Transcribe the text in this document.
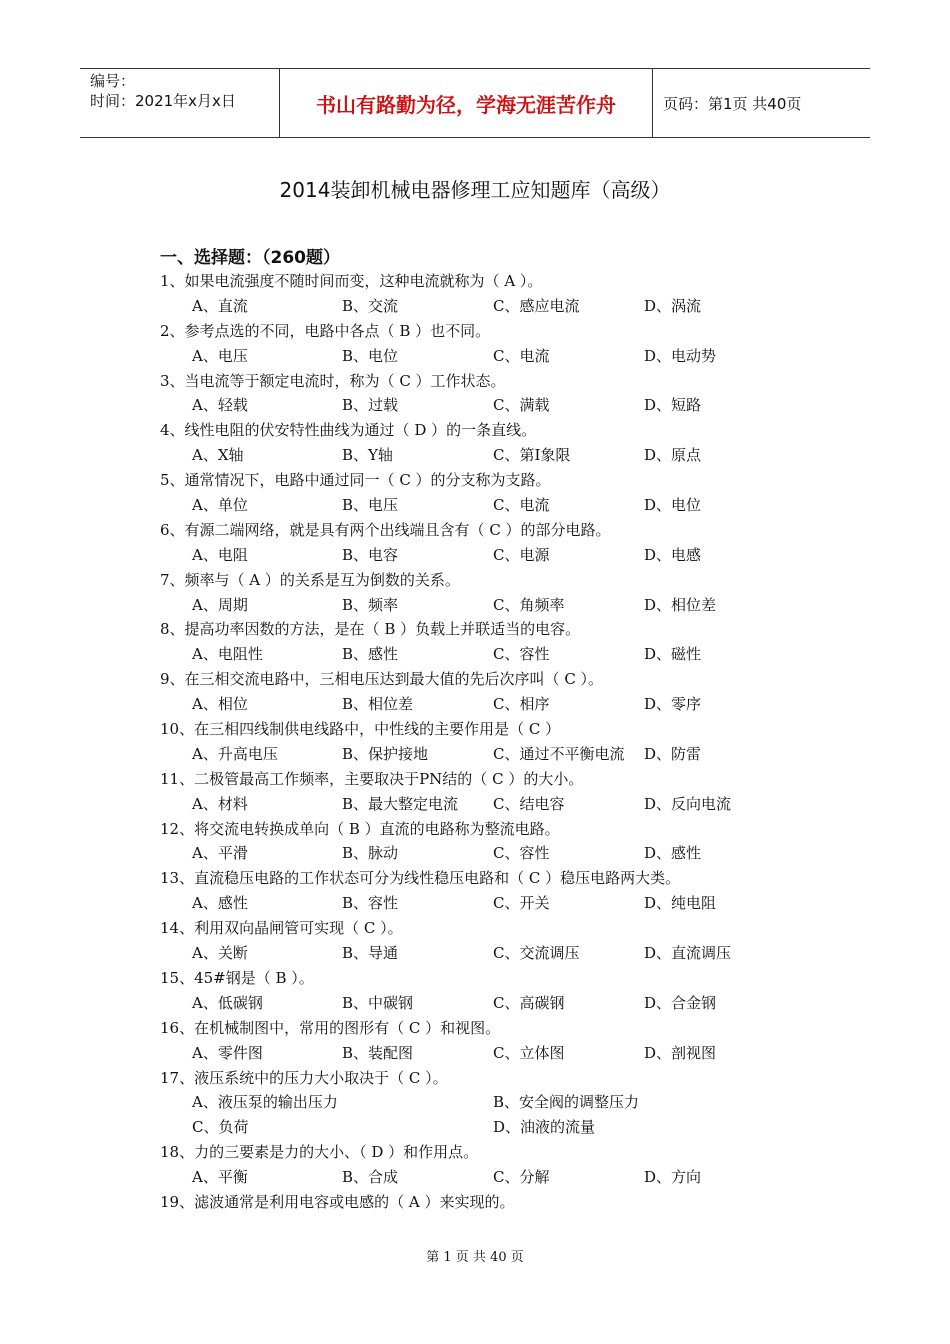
编号：
时间：2021年x月x日	书山有路勤为径，学海无涯苦作舟	页码：第1页 共40页
2014装卸机械电器修理工应知题库（高级）
一、选择题：（260题）
1、如果电流强度不随时间而变，这种电流就称为（ A ）。
A、直流	B、交流	C、感应电流	D、涡流
2、参考点选的不同，电路中各点（ B ）也不同。
A、电压	B、电位	C、电流	D、电动势
3、当电流等于额定电流时，称为（ C ）工作状态。
A、轻载	B、过载	C、满载	D、短路
4、线性电阻的伏安特性曲线为通过（ D ）的一条直线。
A、X轴	B、Y轴	C、第Ⅰ象限	D、原点
5、通常情况下，电路中通过同一（ C ）的分支称为支路。
A、单位	B、电压	C、电流	D、电位
6、有源二端网络，就是具有两个出线端且含有（ C ）的部分电路。
A、电阻	B、电容	C、电源	D、电感
7、频率与（ A ）的关系是互为倒数的关系。
A、周期	B、频率	C、角频率	D、相位差
8、提高功率因数的方法，是在（ B ）负载上并联适当的电容。
A、电阻性	B、感性	C、容性	D、磁性
9、在三相交流电路中，三相电压达到最大值的先后次序叫（ C ）。
A、相位	B、相位差	C、相序	D、零序
10、在三相四线制供电线路中，中性线的主要作用是（ C ）
A、升高电压	B、保护接地	C、通过不平衡电流 D、防雷
11、二极管最高工作频率，主要取决于PN结的（ C ）的大小。
A、材料	B、最大整定电流 C、结电容	D、反向电流
12、将交流电转换成单向（ B ）直流的电路称为整流电路。
A、平滑	B、脉动	C、容性	D、感性
13、直流稳压电路的工作状态可分为线性稳压电路和（ C ）稳压电路两大类。
A、感性	B、容性	C、开关	D、纯电阻
14、利用双向晶闸管可实现（ C ）。
A、关断	B、导通	C、交流调压	D、直流调压
15、45#钢是（ B ）。
A、低碳钢	B、中碳钢	C、高碳钢	D、合金钢
16、在机械制图中，常用的图形有（ C ）和视图。
A、零件图	B、装配图	C、立体图	D、剖视图
17、液压系统中的压力大小取决于（ C ）。
A、液压泵的输出压力	B、安全阀的调整压力
C、负荷	D、油液的流量
18、力的三要素是力的大小、（ D ）和作用点。
A、平衡	B、合成	C、分解	D、方向
19、滤波通常是利用电容或电感的（ A ）来实现的。
第 1 页 共 40 页
